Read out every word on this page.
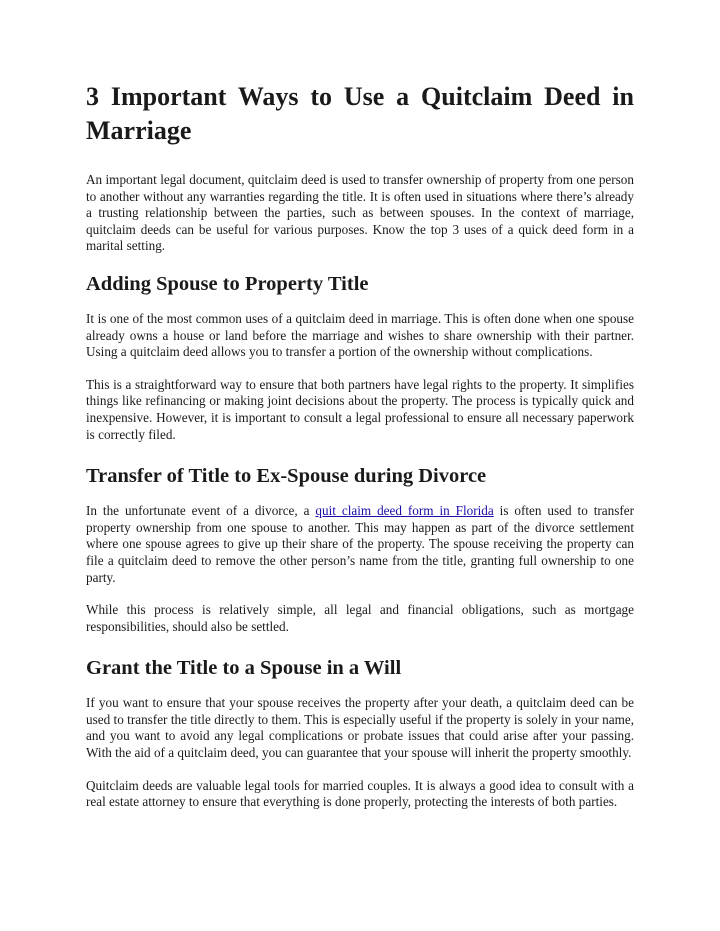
3 Important Ways to Use a Quitclaim Deed in Marriage

An important legal document, quitclaim deed is used to transfer ownership of property from one person to another without any warranties regarding the title. It is often used in situations where there’s already a trusting relationship between the parties, such as between spouses. In the context of marriage, quitclaim deeds can be useful for various purposes. Know the top 3 uses of a quick deed form in a marital setting.

Adding Spouse to Property Title

It is one of the most common uses of a quitclaim deed in marriage. This is often done when one spouse already owns a house or land before the marriage and wishes to share ownership with their partner. Using a quitclaim deed allows you to transfer a portion of the ownership without complications.

This is a straightforward way to ensure that both partners have legal rights to the property. It simplifies things like refinancing or making joint decisions about the property. The process is typically quick and inexpensive. However, it is important to consult a legal professional to ensure all necessary paperwork is correctly filed.

Transfer of Title to Ex-Spouse during Divorce

In the unfortunate event of a divorce, a quit claim deed form in Florida is often used to transfer property ownership from one spouse to another. This may happen as part of the divorce settlement where one spouse agrees to give up their share of the property. The spouse receiving the property can file a quitclaim deed to remove the other person’s name from the title, granting full ownership to one party.

While this process is relatively simple, all legal and financial obligations, such as mortgage responsibilities, should also be settled.

Grant the Title to a Spouse in a Will

If you want to ensure that your spouse receives the property after your death, a quitclaim deed can be used to transfer the title directly to them. This is especially useful if the property is solely in your name, and you want to avoid any legal complications or probate issues that could arise after your passing. With the aid of a quitclaim deed, you can guarantee that your spouse will inherit the property smoothly.

Quitclaim deeds are valuable legal tools for married couples. It is always a good idea to consult with a real estate attorney to ensure that everything is done properly, protecting the interests of both parties.
